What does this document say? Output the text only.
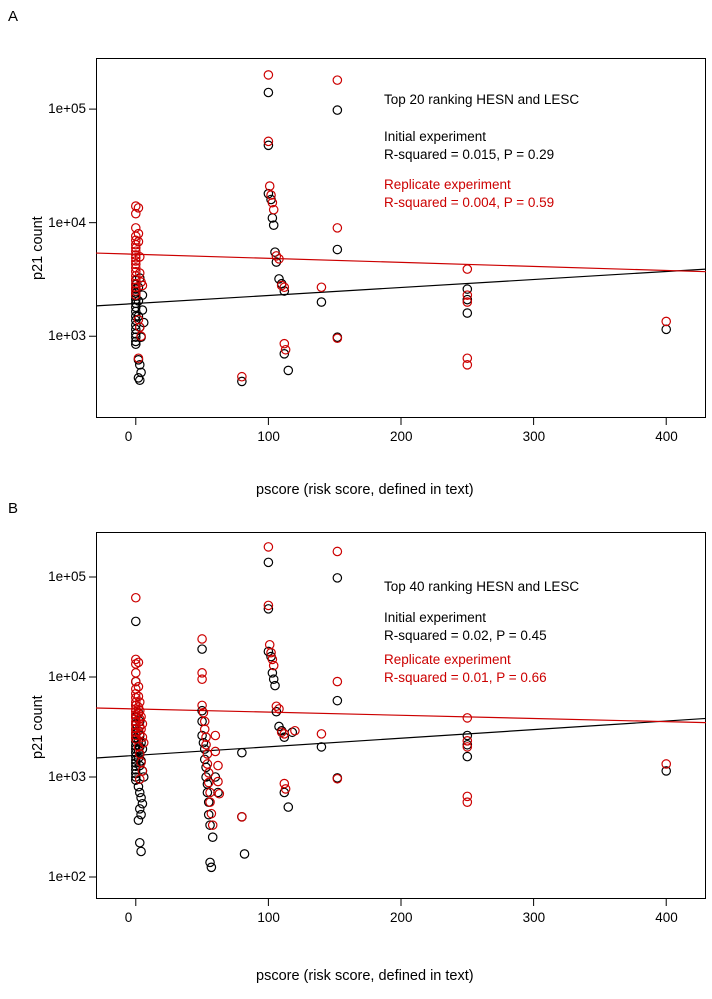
A
p21 count
pscore (risk score, defined in text)
Top 20 ranking HESN and LESC
Initial experiment
R-squared = 0.015, P = 0.29
Replicate experiment
R-squared = 0.004, P = 0.59
0	100	200	300	400
1e+03
1e+04
1e+05
B
p21 count
pscore (risk score, defined in text)
Top 40 ranking HESN and LESC
Initial experiment
R-squared = 0.02, P = 0.45
Replicate experiment
R-squared = 0.01, P = 0.66
0	100	200	300	400
1e+02
1e+03
1e+04
1e+05
